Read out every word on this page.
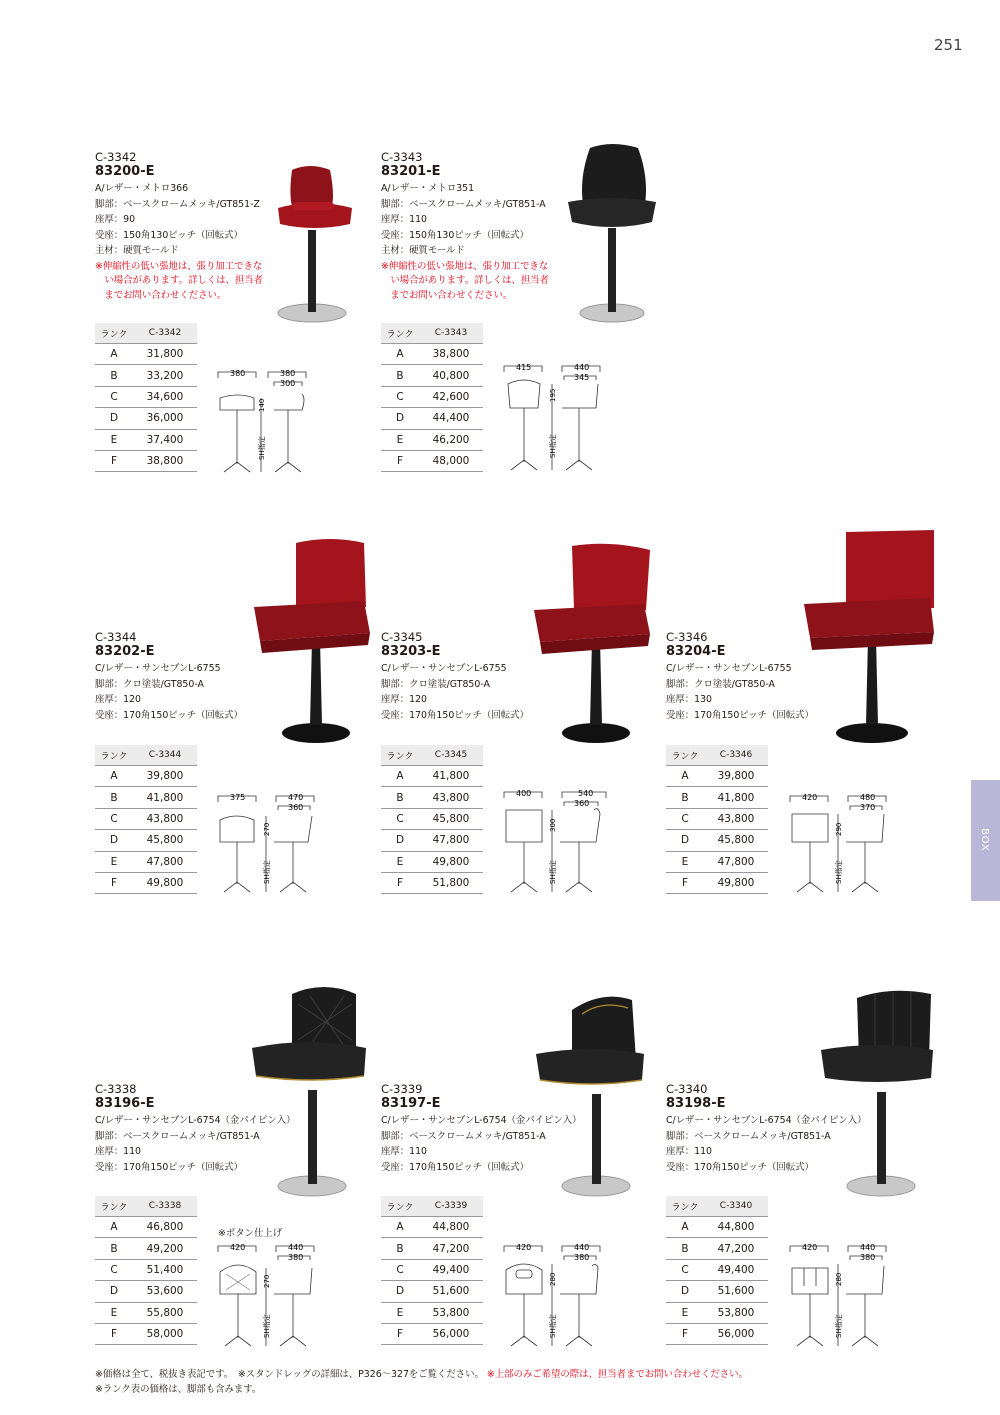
251
BOX
C-3342
83200-E
A/レザー・メトロ366
脚部：ベースクロームメッキ/GT851-Z
座厚：90
受座：150角130ピッチ（回転式）
主材：硬質モールド
※伸縮性の低い張地は、張り加工できな
　い場合があります。詳しくは、担当者
　までお問い合わせください。
C-3343
83201-E
A/レザー・メトロ351
脚部：ベースクロームメッキ/GT851-A
座厚：110
受座：150角130ピッチ（回転式）
主材：硬質モールド
※伸縮性の低い張地は、張り加工できな
　い場合があります。詳しくは、担当者
　までお問い合わせください。
ランク	C-3342
A	31,800
B	33,200
C	34,600
D	36,000
E	37,400
F	38,800
ランク	C-3343
A	38,800
B	40,800
C	42,600
D	44,400
E	46,200
F	48,000
380	380
300
140
SH指定
415	440
345
195
SH指定
C-3344
83202-E
C/レザー・サンセブンL-6755
脚部：クロ塗装/GT850-A
座厚：120
受座：170角150ピッチ（回転式）
C-3345
83203-E
C/レザー・サンセブンL-6755
脚部：クロ塗装/GT850-A
座厚：120
受座：170角150ピッチ（回転式）
C-3346
83204-E
C/レザー・サンセブンL-6755
脚部：クロ塗装/GT850-A
座厚：130
受座：170角150ピッチ（回転式）
ランク	C-3344
A	39,800
B	41,800
C	43,800
D	45,800
E	47,800
F	49,800
ランク	C-3345
A	41,800
B	43,800
C	45,800
D	47,800
E	49,800
F	51,800
ランク	C-3346
A	39,800
B	41,800
C	43,800
D	45,800
E	47,800
F	49,800
375	470
360
270
SH指定
400	540
360
300
SH指定
420	480
370
290
SH指定
C-3338
83196-E
C/レザー・サンセブンL-6754（金パイピン入）
脚部：ベースクロームメッキ/GT851-A
座厚：110
受座：170角150ピッチ（回転式）
C-3339
83197-E
C/レザー・サンセブンL-6754（金パイピン入）
脚部：ベースクロームメッキ/GT851-A
座厚：110
受座：170角150ピッチ（回転式）
C-3340
83198-E
C/レザー・サンセブンL-6754（金パイピン入）
脚部：ベースクロームメッキ/GT851-A
座厚：110
受座：170角150ピッチ（回転式）
ランク	C-3338
A	46,800
B	49,200
C	51,400
D	53,600
E	55,800
F	58,000
ランク	C-3339
A	44,800
B	47,200
C	49,400
D	51,600
E	53,800
F	56,000
ランク	C-3340
A	44,800
B	47,200
C	49,400
D	51,600
E	53,800
F	56,000
※ボタン仕上げ
420	440
380
270
SH指定
420	440
380
280
SH指定
420	440
380
280
SH指定
※価格は全て、税抜き表記です。　※スタンドレッグの詳細は、P326～327をご覧ください。 ※上部のみご希望の際は、担当者までお問い合わせください。
※ランク表の価格は、脚部も含みます。
